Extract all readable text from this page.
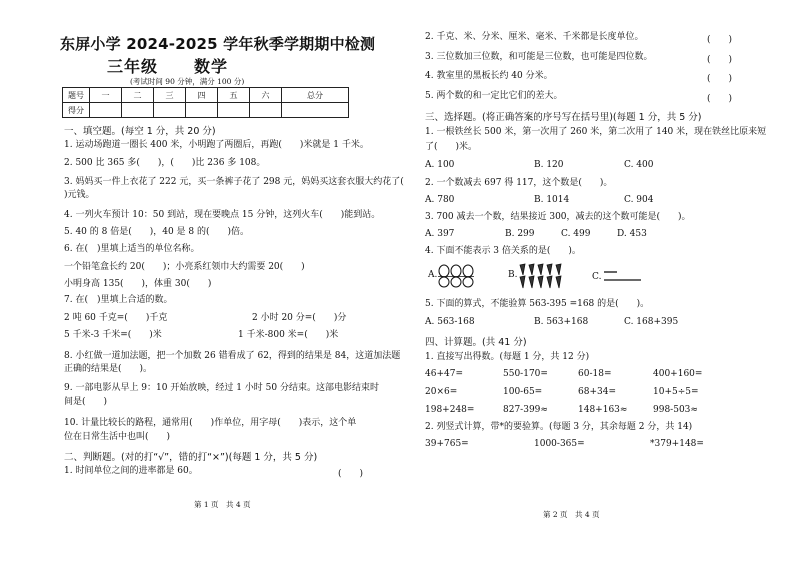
东屏小学 2024-2025 学年秋季学期期中检测
三年级 数学
(考试时间 90 分钟，满分 100 分)
题号	一	二	三	四	五	六	总分
得分							
一、填空题。(每空 1 分，共 20 分)
1. 运动场跑道一圈长 400 米，小明跑了两圈后，再跑(　　)米就是 1 千米。
2. 500 比 365 多(　　)，(　　)比 236 多 108。
3. 妈妈买一件上衣花了 222 元，买一条裤子花了 298 元，妈妈买这套衣服大约花了(
)元钱。
4. 一列火车预计 10：50 到站，现在要晚点 15 分钟，这列火车(　　)能到站。
5. 40 的 8 倍是(　　)，40 是 8 的(　　)倍。
6. 在(　)里填上适当的单位名称。
一个铅笔盒长约 20(　　)；小亮系红领巾大约需要 20(　　)
小明身高 135(　　)，体重 30(　　)
7. 在(　)里填上合适的数。
2 吨 60 千克=(　　)千克	2 小时 20 分=(　　)分
5 千米-3 千米=(　　)米	1 千米-800 米=(　　)米
8. 小红做一道加法题，把一个加数 26 错看成了 62，得到的结果是 84，这道加法题
正确的结果是(　　)。
9. 一部电影从早上 9：10 开始放映，经过 1 小时 50 分结束。这部电影结束时
间是(　　)
10. 计量比较长的路程，通常用(　　)作单位，用字母(　　)表示，这个单
位在日常生活中也叫(　　)
二、判断题。(对的打“√”，错的打“×”)(每题 1 分，共 5 分)
1. 时间单位之间的进率都是 60。	(　　)
第 1 页　共 4 页
2. 千克、米、分米、厘米、毫米、千米都是长度单位。	(　　)
3. 三位数加三位数，和可能是三位数，也可能是四位数。	(　　)
4. 教室里的黑板长约 40 分米。	(　　)
5. 两个数的和一定比它们的差大。	(　　)
三、选择题。(将正确答案的序号写在括号里)(每题 1 分，共 5 分)
1. 一根铁丝长 500 米，第一次用了 260 米，第二次用了 140 米，现在铁丝比原来短
了(　　)米。
A. 100	B. 120	C. 400
2. 一个数减去 697 得 117，这个数是(　　)。
A. 780	B. 1014	C. 904
3. 700 减去一个数，结果接近 300，减去的这个数可能是(　　)。
A. 397	B. 299	C. 499	D. 453
4. 下面不能表示 3 倍关系的是(　　)。
A.	B.	C.
5. 下面的算式，不能验算 563-395 =168 的是(　　)。
A. 563-168	B. 563+168	C. 168+395
四、计算题。(共 41 分)
1. 直接写出得数。(每题 1 分，共 12 分)
46+47=	550-170=	60-18=	400+160=
20×6=	100-65=	68+34=	10+5÷5=
198+248=	827-399≈	148+163≈	998-503≈
2. 列竖式计算，带*的要验算。(每题 3 分，其余每题 2 分，共 14)
39+765=	1000-365=	*379+148=
第 2 页　共 4 页
